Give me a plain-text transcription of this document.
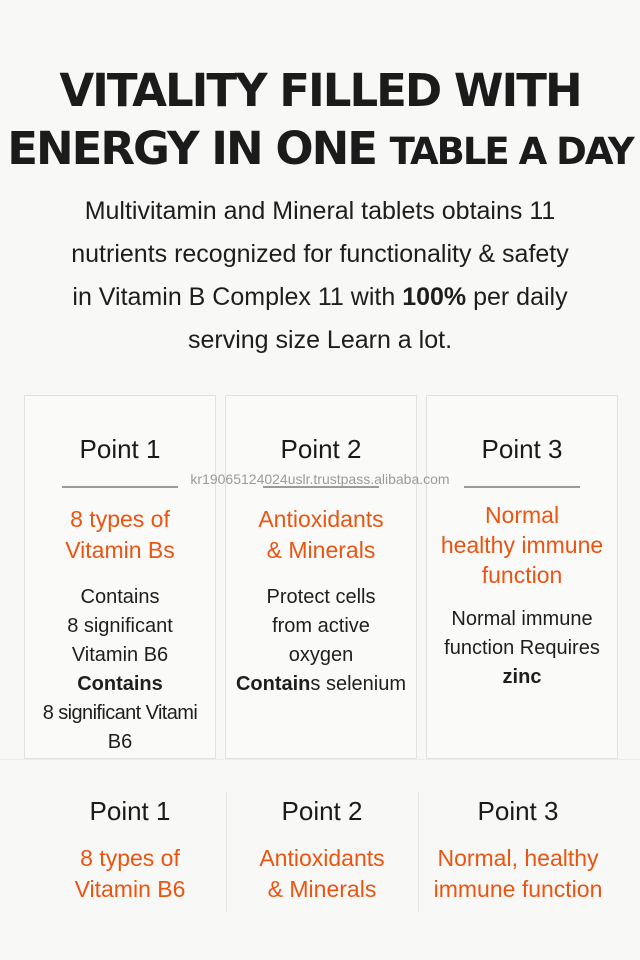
VITALITY FILLED WITH
ENERGY IN ONE TABLE A DAY
Multivitamin and Mineral tablets obtains 11
nutrients recognized for functionality & safety
in Vitamin B Complex 11 with 100% per daily
serving size Learn a lot.
Point 1
8 types of
Vitamin Bs
Contains
8 significant
Vitamin B6
Contains
8 significant Vitami
B6
Point 2
Antioxidants
& Minerals
Protect cells
from active
oxygen
Contains selenium
Point 3
Normal
healthy immune
function
Normal immune
function Requires
zinc
kr19065124024uslr.trustpass.alibaba.com
Point 1
8 types of
Vitamin B6
Point 2
Antioxidants
& Minerals
Point 3
Normal, healthy
immune function
